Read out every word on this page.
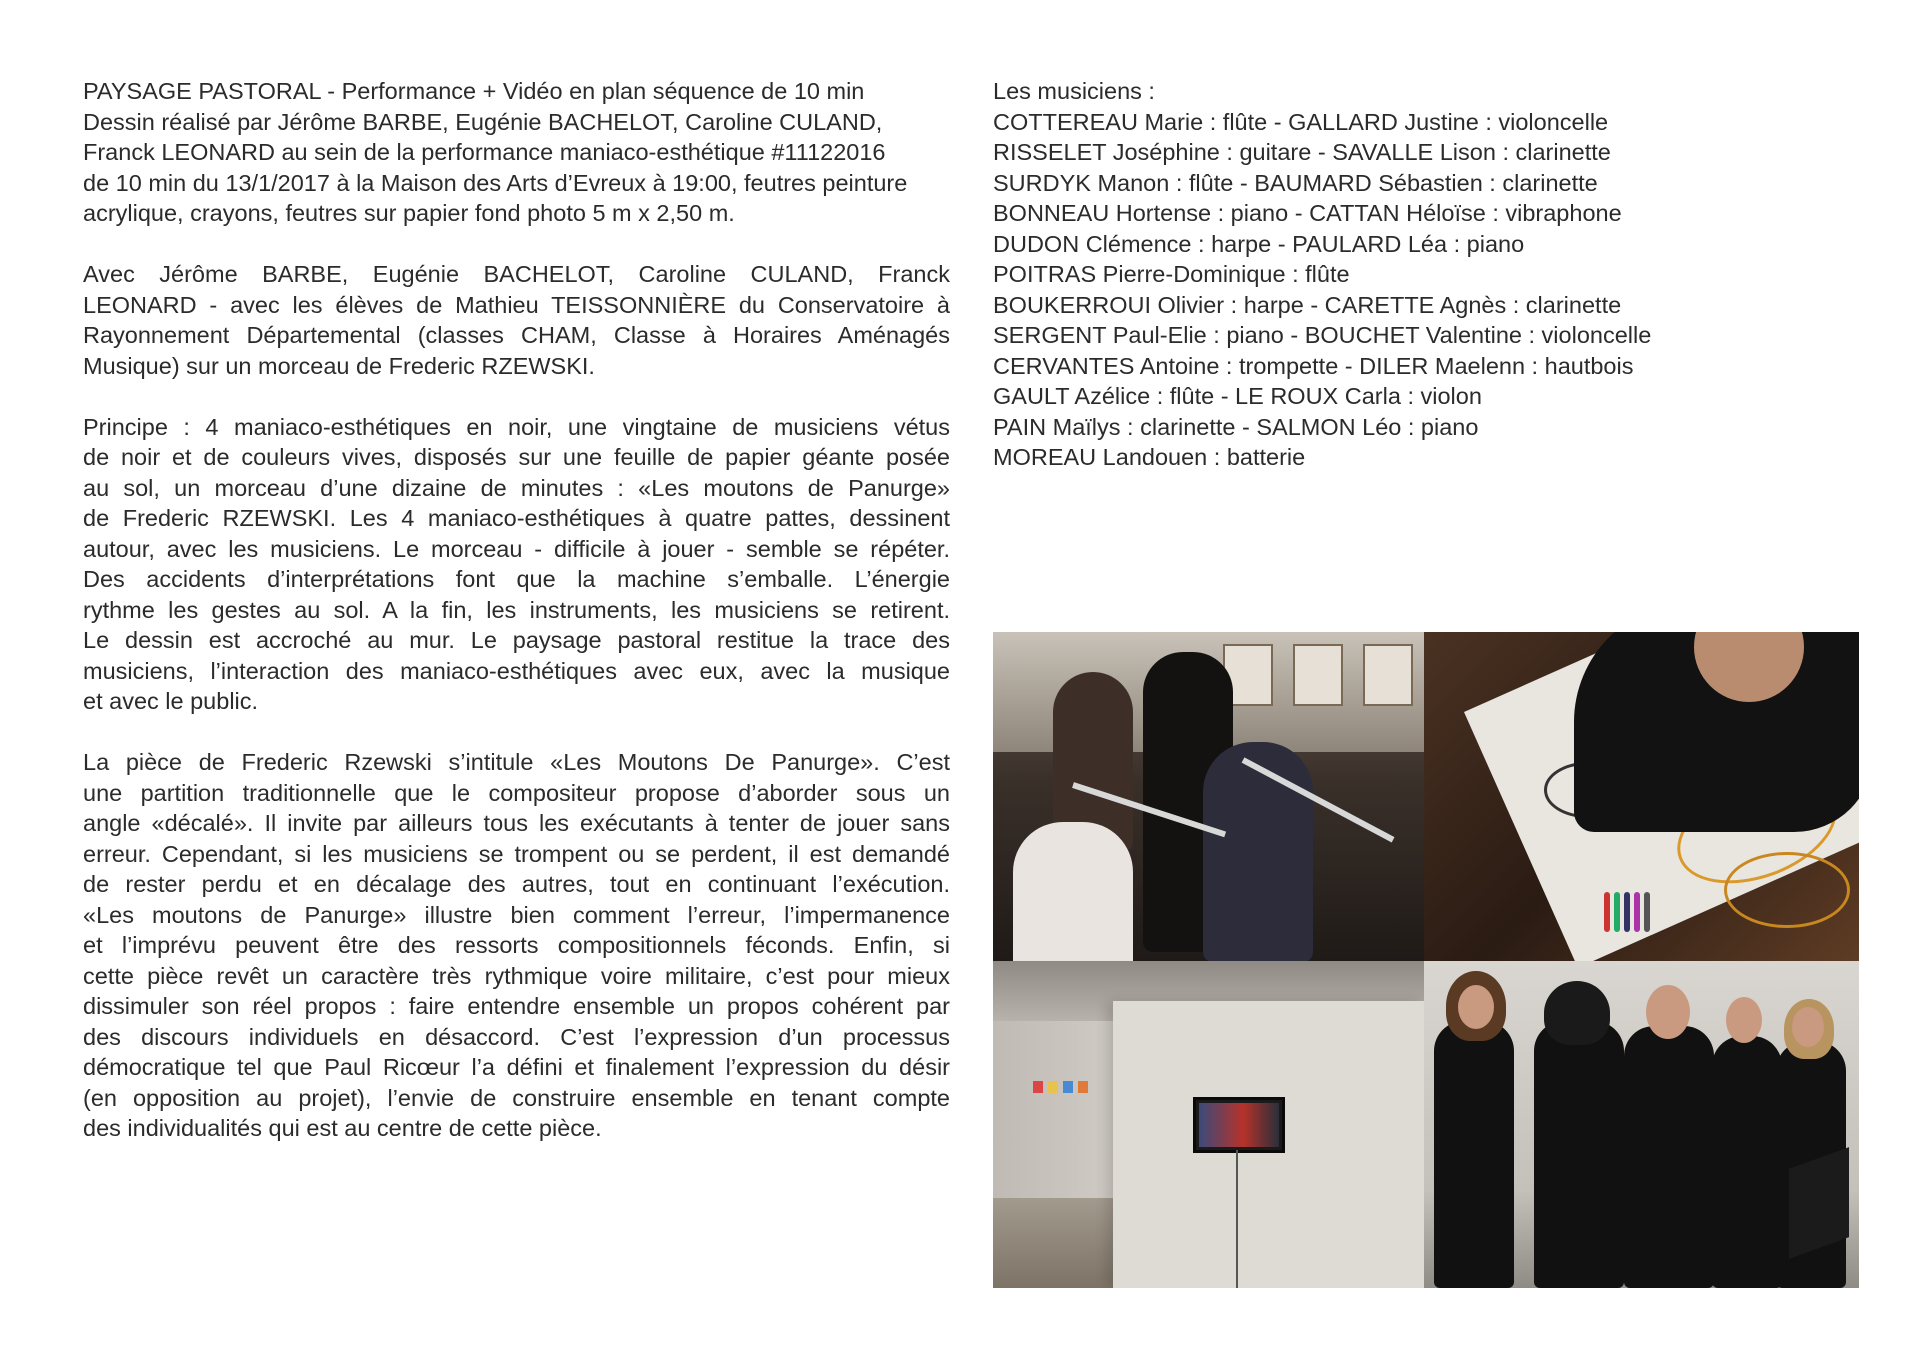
PAYSAGE PASTORAL - Performance + Vidéo en plan séquence de 10 min
Dessin réalisé par Jérôme BARBE, Eugénie BACHELOT, Caroline CULAND,
Franck LEONARD au sein de la performance maniaco-esthétique #11122016
de 10 min du 13/1/2017 à la Maison des Arts d’Evreux à 19:00, feutres peinture
acrylique, crayons, feutres sur papier fond photo 5 m x 2,50 m.

Avec Jérôme BARBE, Eugénie BACHELOT, Caroline CULAND, Franck
LEONARD - avec les élèves de Mathieu TEISSONNIÈRE du Conservatoire à
Rayonnement Départemental (classes CHAM, Classe à Horaires Aménagés
Musique) sur un morceau de Frederic RZEWSKI.

Principe : 4 maniaco-esthétiques en noir, une vingtaine de musiciens vétus
de noir et de couleurs vives, disposés sur une feuille de papier géante posée
au sol, un morceau d’une dizaine de minutes : «Les moutons de Panurge»
de Frederic RZEWSKI. Les 4 maniaco-esthétiques à quatre pattes, dessinent
autour, avec les musiciens. Le morceau - difficile à jouer - semble se répéter.
Des accidents d’interprétations font que la machine s’emballe. L’énergie
rythme les gestes au sol. A la fin, les instruments, les musiciens se retirent.
Le dessin est accroché au mur. Le paysage pastoral restitue la trace des
musiciens, l’interaction des maniaco-esthétiques avec eux, avec la musique
et avec le public.

La pièce de Frederic Rzewski s’intitule «Les Moutons De Panurge». C’est
une partition traditionnelle que le compositeur propose d’aborder sous un
angle «décalé». Il invite par ailleurs tous les exécutants à tenter de jouer sans
erreur. Cependant, si les musiciens se trompent ou se perdent, il est demandé
de rester perdu et en décalage des autres, tout en continuant l’exécution.
«Les moutons de Panurge» illustre bien comment l’erreur, l’impermanence
et l’imprévu peuvent être des ressorts compositionnels féconds. Enfin, si
cette pièce revêt un caractère très rythmique voire militaire, c’est pour mieux
dissimuler son réel propos : faire entendre ensemble un propos cohérent par
des discours individuels en désaccord. C’est l’expression d’un processus
démocratique tel que Paul Ricœur l’a défini et finalement l’expression du désir
(en opposition au projet), l’envie de construire ensemble en tenant compte
des individualités qui est au centre de cette pièce.

Les musiciens :
COTTEREAU Marie : flûte - GALLARD Justine : violoncelle
RISSELET Joséphine : guitare - SAVALLE Lison : clarinette
SURDYK Manon : flûte - BAUMARD Sébastien : clarinette
BONNEAU Hortense : piano - CATTAN Héloïse : vibraphone
DUDON Clémence : harpe - PAULARD Léa : piano
POITRAS Pierre-Dominique : flûte
BOUKERROUI Olivier : harpe - CARETTE Agnès : clarinette
SERGENT Paul-Elie : piano - BOUCHET Valentine : violoncelle
CERVANTES Antoine : trompette - DILER Maelenn : hautbois
GAULT Azélice : flûte - LE ROUX Carla : violon
PAIN Maïlys : clarinette - SALMON Léo : piano
MOREAU Landouen : batterie
